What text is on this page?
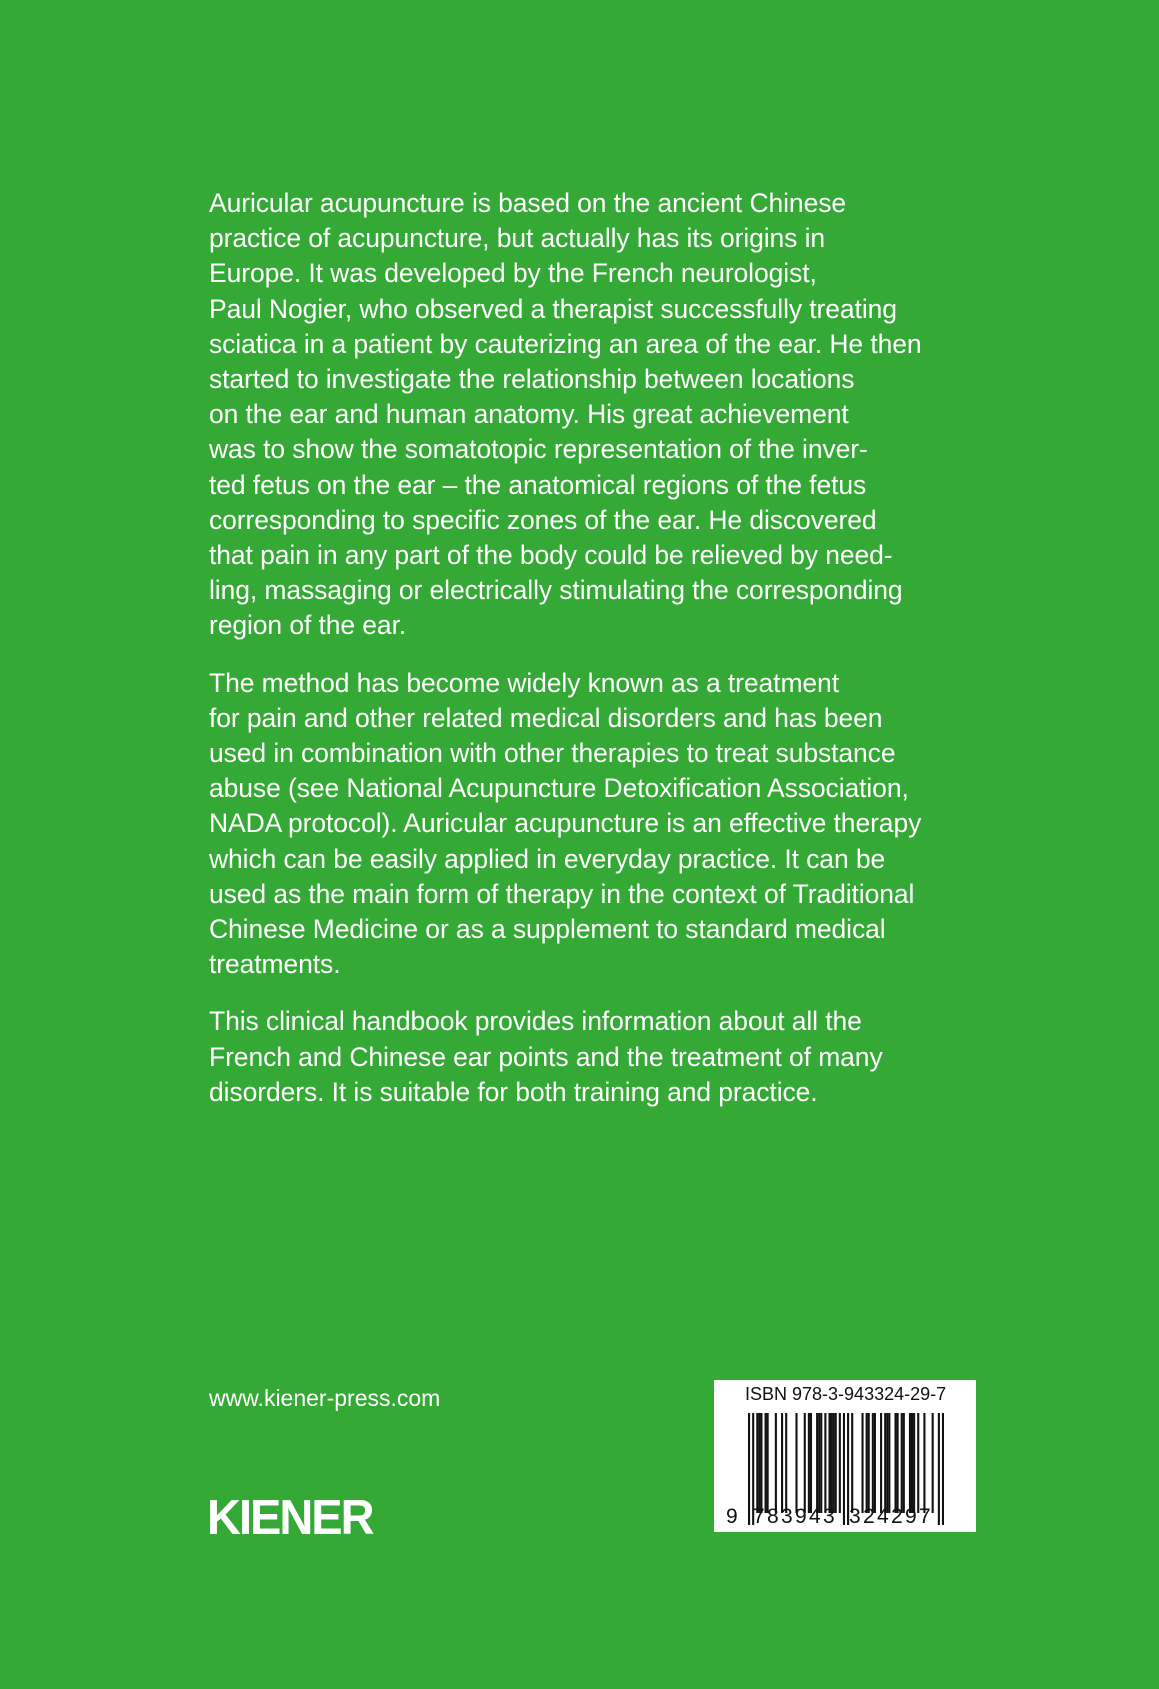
Auricular acupuncture is based on the ancient Chinese
practice of acupuncture, but actually has its origins in
Europe. It was developed by the French neurologist,
Paul Nogier, who observed a therapist successfully treating
sciatica in a patient by cauterizing an area of the ear. He then
started to investigate the relationship between locations
on the ear and human anatomy. His great achievement
was to show the somatotopic representation of the inver-
ted fetus on the ear – the anatomical regions of the fetus
corresponding to specific zones of the ear. He discovered
that pain in any part of the body could be relieved by need-
ling, massaging or electrically stimulating the corresponding
region of the ear.
The method has become widely known as a treatment
for pain and other related medical disorders and has been
used in combination with other therapies to treat substance
abuse (see National Acupuncture Detoxification Association,
NADA protocol). Auricular acupuncture is an effective therapy
which can be easily applied in everyday practice. It can be
used as the main form of therapy in the context of Traditional
Chinese Medicine or as a supplement to standard medical
treatments.
This clinical handbook provides information about all the
French and Chinese ear points and the treatment of many
disorders. It is suitable for both training and practice.
www.kiener-press.com
KIENER
ISBN 978-3-943324-29-7
9 7 8 3 9 4 3 3 2 4 2 9 7
